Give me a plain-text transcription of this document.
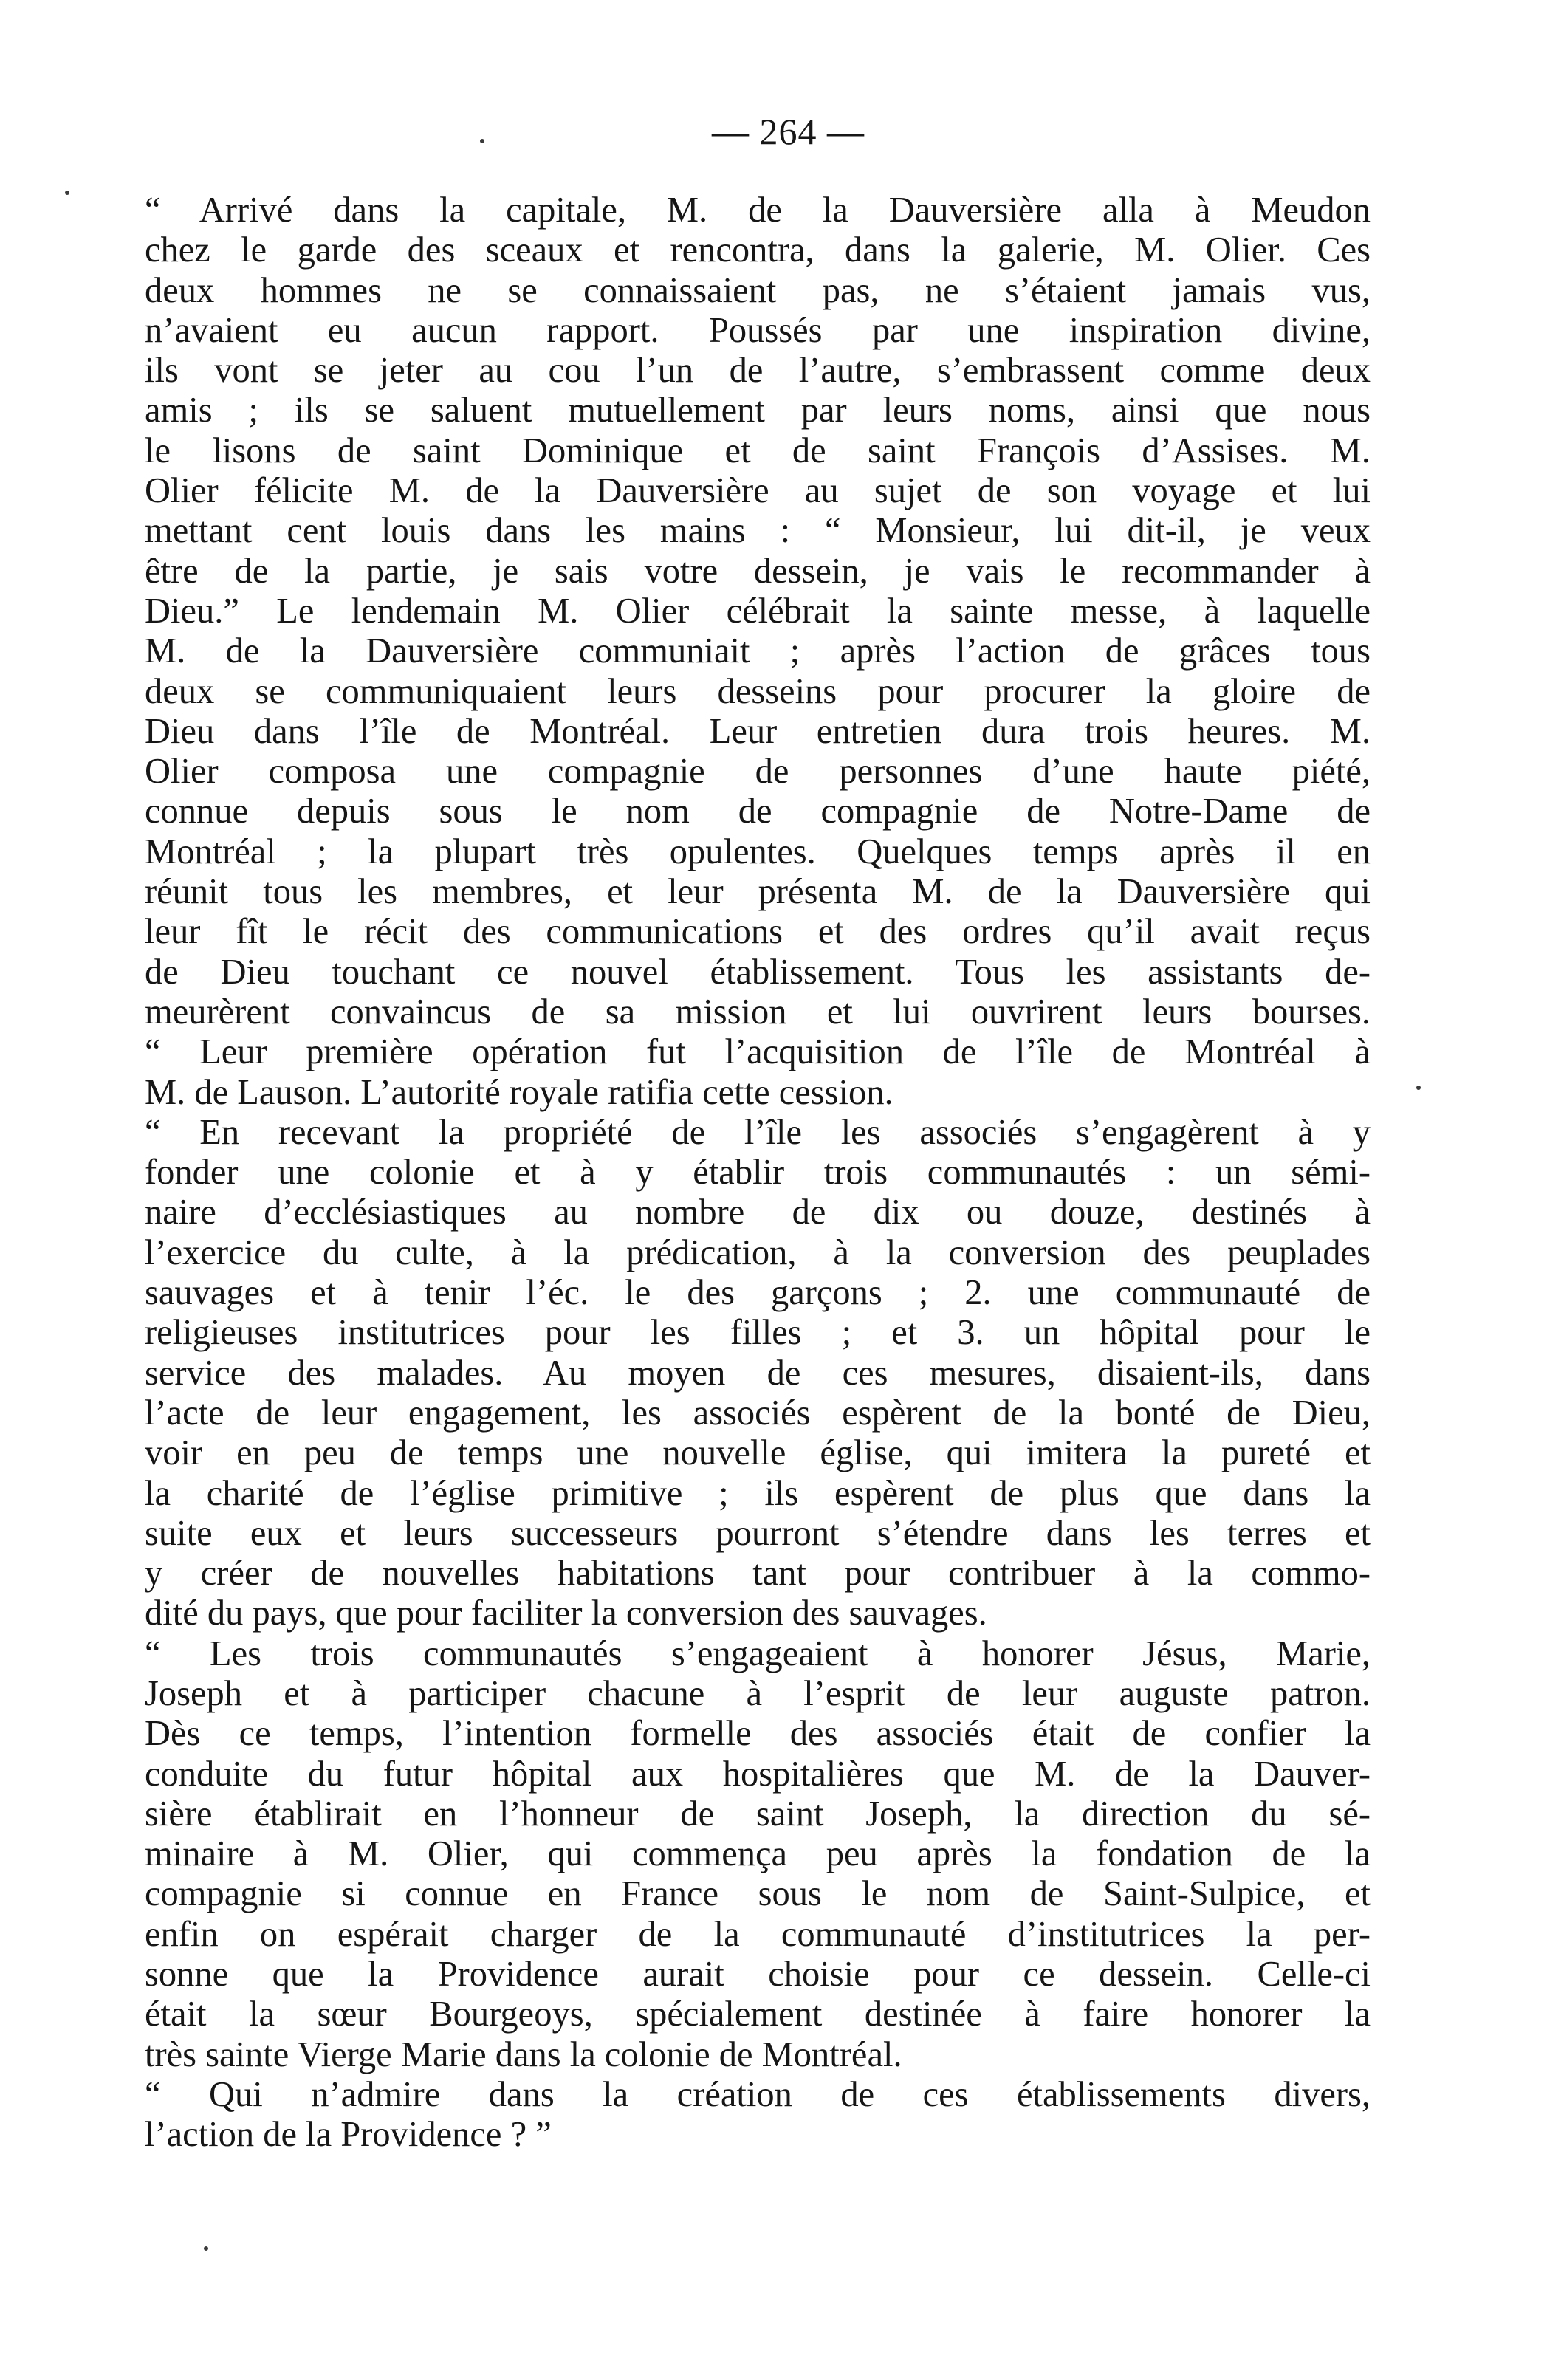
— 264 —
“ Arrivé dans la capitale, M. de la Dauversière alla à Meudon
chez le garde des sceaux et rencontra, dans la galerie, M. Olier. Ces
deux hommes ne se connaissaient pas, ne s’étaient jamais vus,
n’avaient eu aucun rapport. Poussés par une inspiration divine,
ils vont se jeter au cou l’un de l’autre, s’embrassent comme deux
amis ; ils se saluent mutuellement par leurs noms, ainsi que nous
le lisons de saint Dominique et de saint François d’Assises. M.
Olier félicite M. de la Dauversière au sujet de son voyage et lui
mettant cent louis dans les mains : “ Monsieur, lui dit-il, je veux
être de la partie, je sais votre dessein, je vais le recommander à
Dieu.” Le lendemain M. Olier célébrait la sainte messe, à laquelle
M. de la Dauversière communiait ; après l’action de grâces tous
deux se communiquaient leurs desseins pour procurer la gloire de
Dieu dans l’île de Montréal. Leur entretien dura trois heures. M.
Olier composa une compagnie de personnes d’une haute piété,
connue depuis sous le nom de compagnie de Notre-Dame de
Montréal ; la plupart très opulentes. Quelques temps après il en
réunit tous les membres, et leur présenta M. de la Dauversière qui
leur fît le récit des communications et des ordres qu’il avait reçus
de Dieu touchant ce nouvel établissement. Tous les assistants de-
meurèrent convaincus de sa mission et lui ouvrirent leurs bourses.
“ Leur première opération fut l’acquisition de l’île de Montréal à
M. de Lauson. L’autorité royale ratifia cette cession.
“ En recevant la propriété de l’île les associés s’engagèrent à y
fonder une colonie et à y établir trois communautés : un sémi-
naire d’ecclésiastiques au nombre de dix ou douze, destinés à
l’exercice du culte, à la prédication, à la conversion des peuplades
sauvages et à tenir l’éc. le des garçons ; 2. une communauté de
religieuses institutrices pour les filles ; et 3. un hôpital pour le
service des malades. Au moyen de ces mesures, disaient-ils, dans
l’acte de leur engagement, les associés espèrent de la bonté de Dieu,
voir en peu de temps une nouvelle église, qui imitera la pureté et
la charité de l’église primitive ; ils espèrent de plus que dans la
suite eux et leurs successeurs pourront s’étendre dans les terres et
y créer de nouvelles habitations tant pour contribuer à la commo-
dité du pays, que pour faciliter la conversion des sauvages.
“ Les trois communautés s’engageaient à honorer Jésus, Marie,
Joseph et à participer chacune à l’esprit de leur auguste patron.
Dès ce temps, l’intention formelle des associés était de confier la
conduite du futur hôpital aux hospitalières que M. de la Dauver-
sière établirait en l’honneur de saint Joseph, la direction du sé-
minaire à M. Olier, qui commença peu après la fondation de la
compagnie si connue en France sous le nom de Saint-Sulpice, et
enfin on espérait charger de la communauté d’institutrices la per-
sonne que la Providence aurait choisie pour ce dessein. Celle-ci
était la sœur Bourgeoys, spécialement destinée à faire honorer la
très sainte Vierge Marie dans la colonie de Montréal.
“ Qui n’admire dans la création de ces établissements divers,
l’action de la Providence ? ”
